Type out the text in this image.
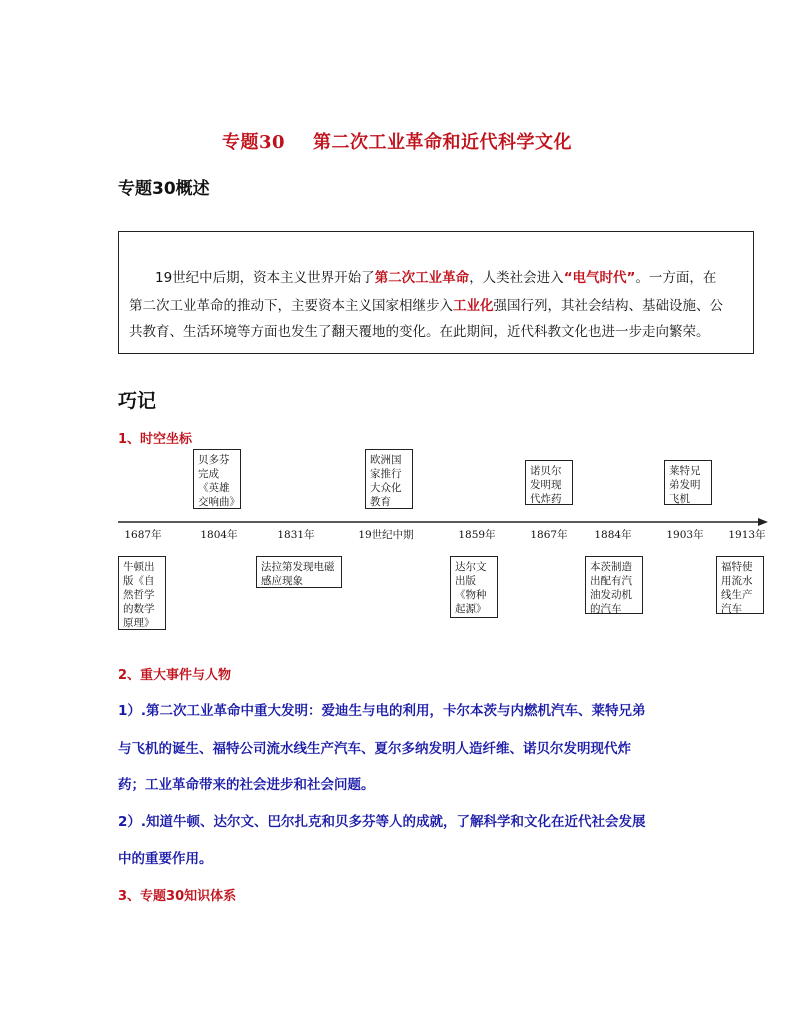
专题30 第二次工业革命和近代科学文化
专题30概述
19世纪中后期，资本主义世界开始了第二次工业革命，人类社会进入“电气时代”。一方面，在
第二次工业革命的推动下，主要资本主义国家相继步入工业化强国行列，其社会结构、基础设施、公
共教育、生活环境等方面也发生了翻天覆地的变化。在此期间，近代科教文化也进一步走向繁荣。
巧记
1、时空坐标
1687年	1804年	1831年	19世纪中期	1859年	1867年	1884年	1903年	1913年
贝多芬完成《英雄交响曲》
欧洲国家推行大众化教育
诺贝尔发明现代炸药
莱特兄弟发明飞机
牛顿出版《自然哲学的数学原理》
法拉第发现电磁感应现象
达尔文出版《物种起源》
本茨制造出配有汽油发动机的汽车
福特使用流水线生产汽车
2、重大事件与人物
1）.第二次工业革命中重大发明：爱迪生与电的利用，卡尔本茨与内燃机汽车、莱特兄弟
与飞机的诞生、福特公司流水线生产汽车、夏尔多纳发明人造纤维、诺贝尔发明现代炸
药；工业革命带来的社会进步和社会问题。
2）.知道牛顿、达尔文、巴尔扎克和贝多芬等人的成就，了解科学和文化在近代社会发展
中的重要作用。
3、专题30知识体系
